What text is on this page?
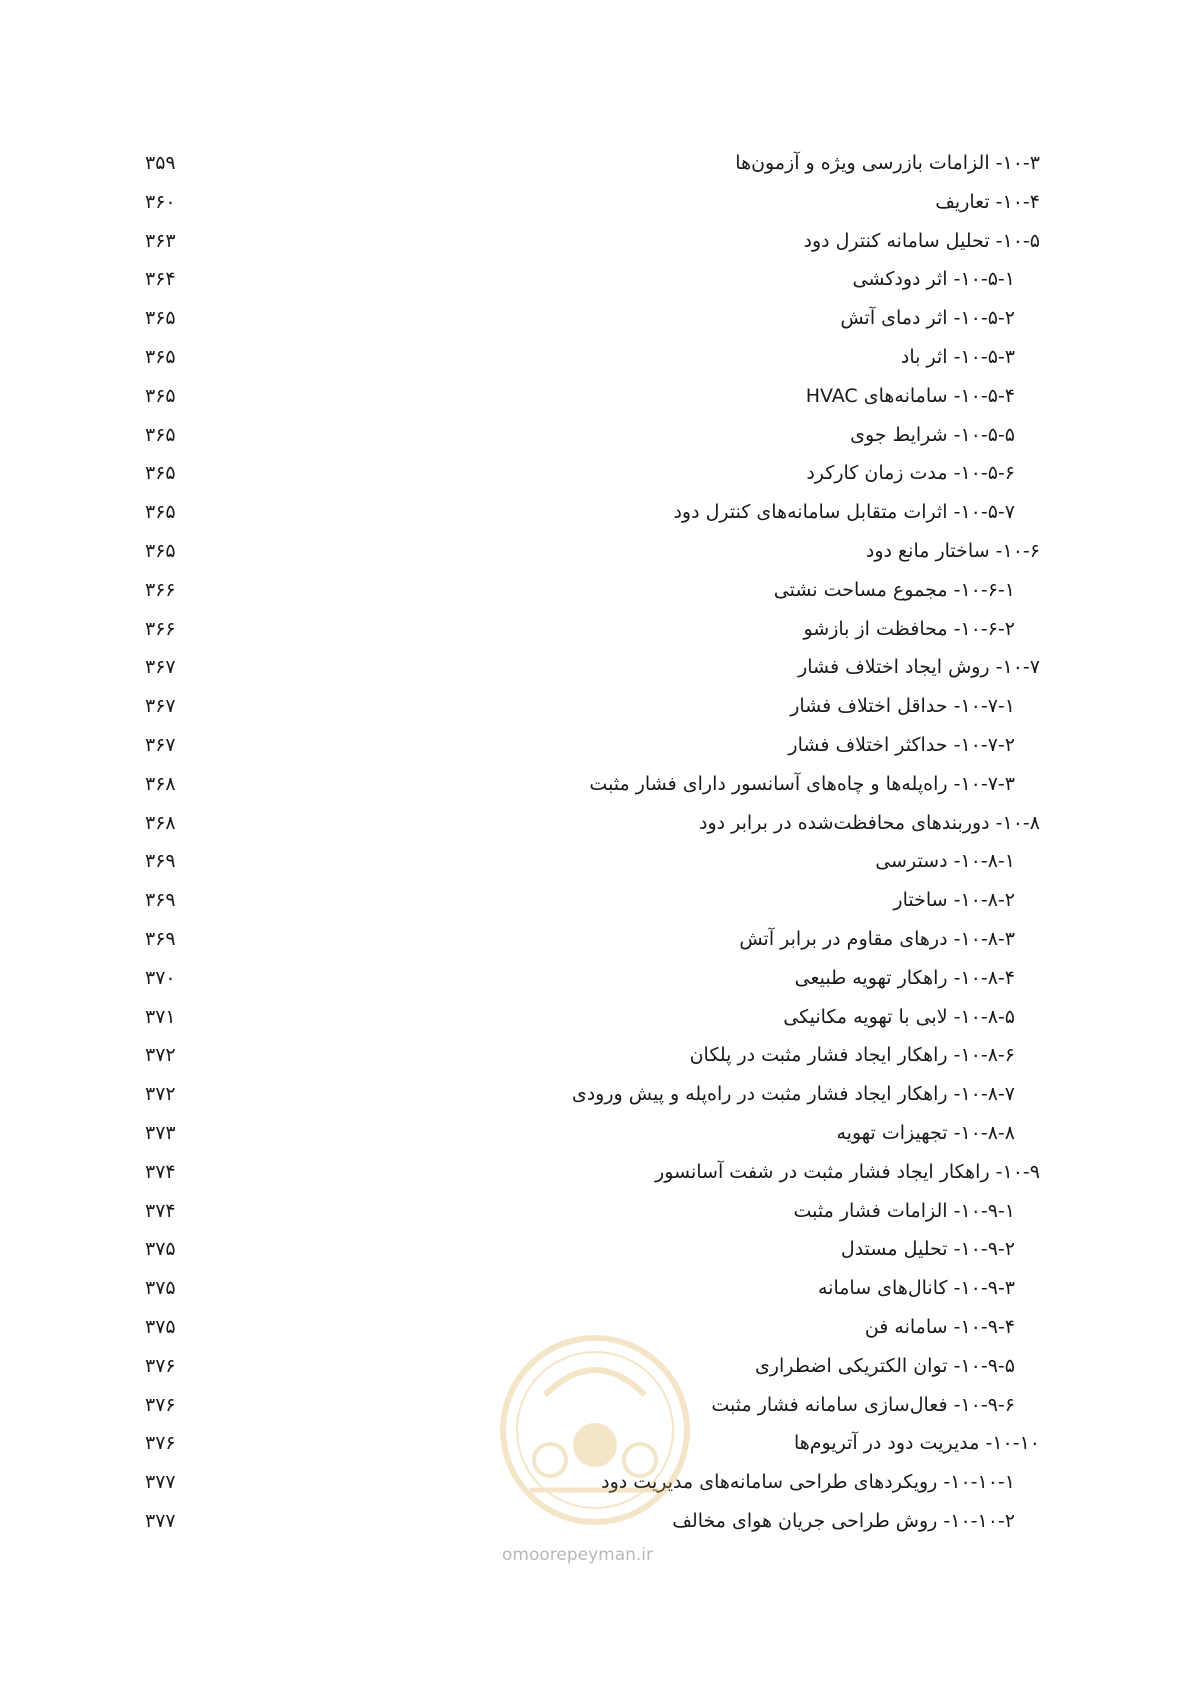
۱۰-۳- الزامات بازرسی ویژه و آزمون‌ها
۳۵۹
۱۰-۴- تعاریف
۳۶۰
۱۰-۵- تحلیل سامانه کنترل دود
۳۶۳
۱۰-۵-۱- اثر دودکشی
۳۶۴
۱۰-۵-۲- اثر دمای آتش
۳۶۵
۱۰-۵-۳- اثر باد
۳۶۵
۱۰-۵-۴- سامانه‌های HVAC
۳۶۵
۱۰-۵-۵- شرایط جوی
۳۶۵
۱۰-۵-۶- مدت زمان کارکرد
۳۶۵
۱۰-۵-۷- اثرات متقابل سامانه‌های کنترل دود
۳۶۵
۱۰-۶- ساختار مانع دود
۳۶۵
۱۰-۶-۱- مجموع مساحت نشتی
۳۶۶
۱۰-۶-۲- محافظت از بازشو
۳۶۶
۱۰-۷- روش ایجاد اختلاف فشار
۳۶۷
۱۰-۷-۱- حداقل اختلاف فشار
۳۶۷
۱۰-۷-۲- حداکثر اختلاف فشار
۳۶۷
۱۰-۷-۳- راه‌پله‌ها و چاه‌های آسانسور دارای فشار مثبت
۳۶۸
۱۰-۸- دوربندهای محافظت‌شده در برابر دود
۳۶۸
۱۰-۸-۱- دسترسی
۳۶۹
۱۰-۸-۲- ساختار
۳۶۹
۱۰-۸-۳- درهای مقاوم در برابر آتش
۳۶۹
۱۰-۸-۴- راهکار تهویه طبیعی
۳۷۰
۱۰-۸-۵- لابی با تهویه مکانیکی
۳۷۱
۱۰-۸-۶- راهکار ایجاد فشار مثبت در پلکان
۳۷۲
۱۰-۸-۷- راهکار ایجاد فشار مثبت در راه‌پله و پیش ورودی
۳۷۲
۱۰-۸-۸- تجهیزات تهویه
۳۷۳
۱۰-۹- راهکار ایجاد فشار مثبت در شفت آسانسور
۳۷۴
۱۰-۹-۱- الزامات فشار مثبت
۳۷۴
۱۰-۹-۲- تحلیل مستدل
۳۷۵
۱۰-۹-۳- کانال‌های سامانه
۳۷۵
۱۰-۹-۴- سامانه فن
۳۷۵
۱۰-۹-۵- توان الکتریکی اضطراری
۳۷۶
۱۰-۹-۶- فعال‌سازی سامانه فشار مثبت
۳۷۶
۱۰-۱۰- مدیریت دود در آتریوم‌ها
۳۷۶
۱۰-۱۰-۱- رویکردهای طراحی سامانه‌های مدیریت دود
۳۷۷
۱۰-۱۰-۲- روش طراحی جریان هوای مخالف
۳۷۷
omoorepeyman.ir
